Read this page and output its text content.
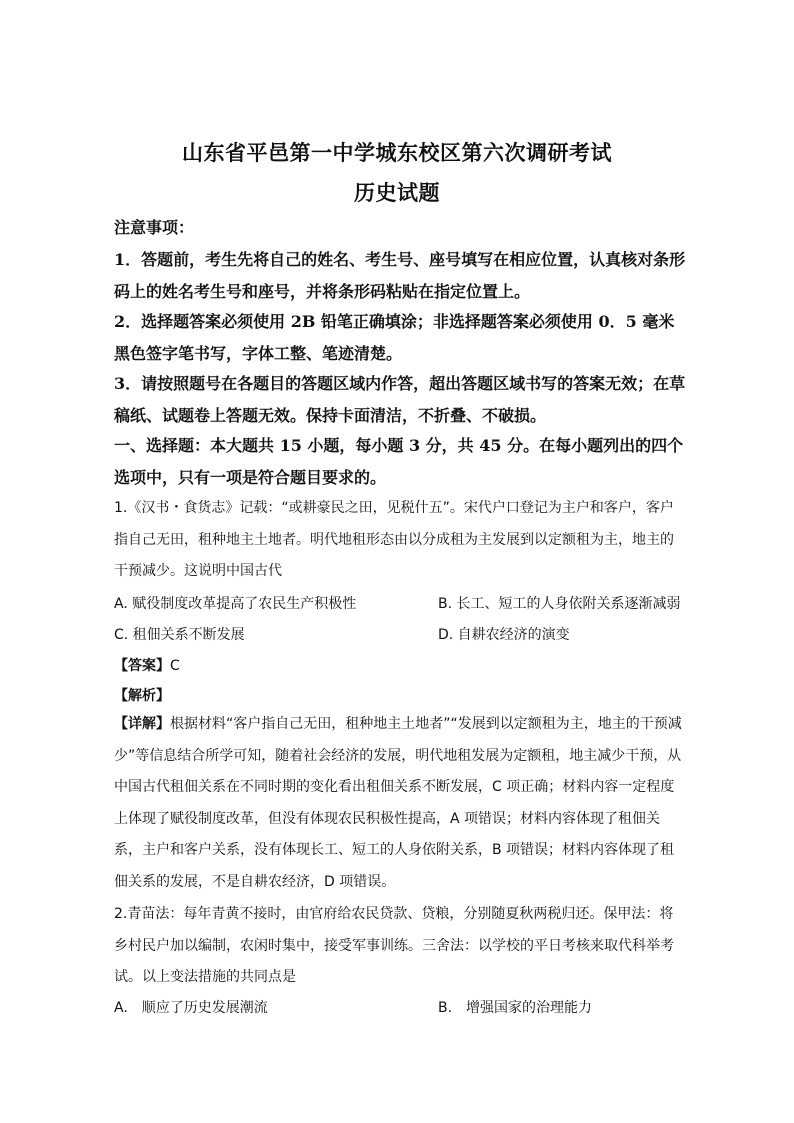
山东省平邑第一中学城东校区第六次调研考试
历史试题
注意事项：
1．答题前，考生先将自己的姓名、考生号、座号填写在相应位置，认真核对条形码上的姓名考生号和座号，并将条形码粘贴在指定位置上。
2．选择题答案必须使用 2B 铅笔正确填涂；非选择题答案必须使用 0．5 毫米黑色签字笔书写，字体工整、笔迹清楚。
3．请按照题号在各题目的答题区域内作答，超出答题区域书写的答案无效；在草稿纸、试题卷上答题无效。保持卡面清洁，不折叠、不破损。
一、选择题：本大题共 15 小题，每小题 3 分，共 45 分。在每小题列出的四个选项中，只有一项是符合题目要求的。
1.《汉书・食货志》记载：“或耕豪民之田，见税什五”。宋代户口登记为主户和客户，客户指自己无田，租种地主土地者。明代地租形态由以分成租为主发展到以定额租为主，地主的干预减少。这说明中国古代
A. 赋役制度改革提高了农民生产积极性	B. 长工、短工的人身依附关系逐渐减弱
C. 租佃关系不断发展	D. 自耕农经济的演变
【答案】C
【解析】
【详解】根据材料“客户指自己无田，租种地主土地者”“发展到以定额租为主，地主的干预减少”等信息结合所学可知，随着社会经济的发展，明代地租发展为定额租，地主减少干预，从中国古代租佃关系在不同时期的变化看出租佃关系不断发展，C 项正确；材料内容一定程度上体现了赋役制度改革，但没有体现农民积极性提高，A 项错误；材料内容体现了租佃关系，主户和客户关系，没有体现长工、短工的人身依附关系，B 项错误；材料内容体现了租佃关系的发展，不是自耕农经济，D 项错误。
2.青苗法：每年青黄不接时，由官府给农民贷款、贷粮，分别随夏秋两税归还。保甲法：将乡村民户加以编制，农闲时集中，接受军事训练。三舍法：以学校的平日考核来取代科举考试。以上变法措施的共同点是
A.　顺应了历史发展潮流	B.　增强国家的治理能力
